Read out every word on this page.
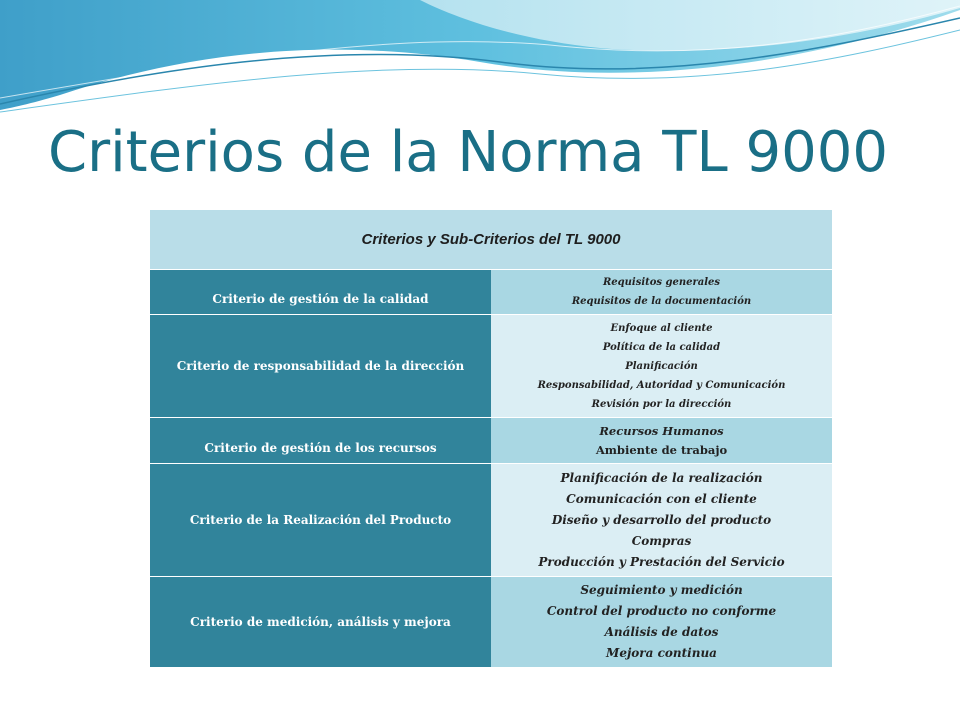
Criterios de la Norma TL 9000
Criterios y Sub-Criterios del TL 9000	
Criterio de gestión de la calidad	Requisitos generales
Requisitos de la documentación

Criterio de responsabilidad de la dirección	Enfoque al cliente
Política de la calidad
Planificación
Responsabilidad, Autoridad y Comunicación
Revisión por la dirección

Criterio de gestión de los recursos	Recursos Humanos
Ambiente de trabajo

Criterio de la Realización del Producto	Planificación de la realización
Comunicación con el cliente
Diseño y desarrollo del producto
Compras
Producción y Prestación del Servicio

Criterio de medición, análisis y mejora	Seguimiento y medición
Control del producto no conforme
Análisis de datos
Mejora continua
